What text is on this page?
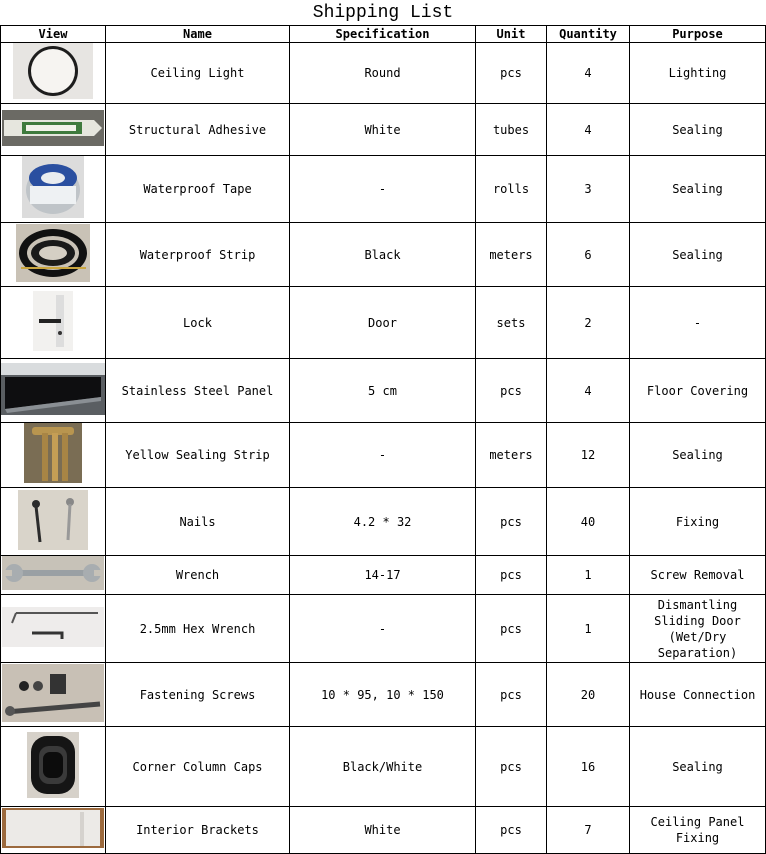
Shipping List
View	Name	Specification	Unit	Quantity	Purpose

	Ceiling Light	Round	pcs	4	Lighting

	Structural Adhesive	White	tubes	4	Sealing

	Waterproof Tape	-	rolls	3	Sealing

	Waterproof Strip	Black	meters	6	Sealing

	Lock	Door	sets	2	-

	Stainless Steel Panel	5 cm	pcs	4	Floor Covering

	Yellow Sealing Strip	-	meters	12	Sealing

	Nails	4.2 * 32	pcs	40	Fixing

	Wrench	14-17	pcs	1	Screw Removal

	2.5mm Hex Wrench	-	pcs	1	Dismantling Sliding Door (Wet/Dry Separation)

	Fastening Screws	10 * 95, 10 * 150	pcs	20	House Connection

	Corner Column Caps	Black/White	pcs	16	Sealing

	Interior Brackets	White	pcs	7	Ceiling Panel Fixing
